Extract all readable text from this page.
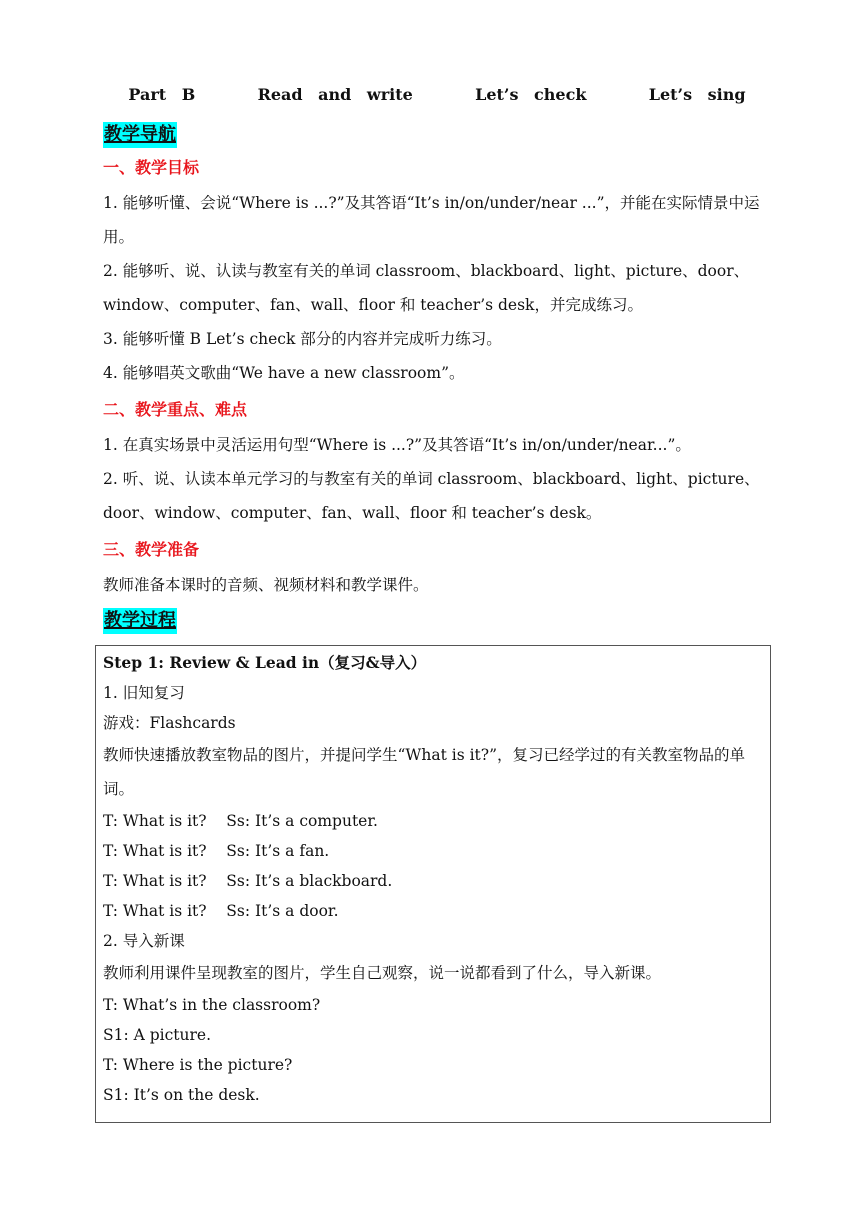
Part B    Read and write    Let’s check    Let’s sing
教学导航
一、教学目标
1. 能够听懂、会说“Where is ...?”及其答语“It’s in/on/under/near ...”，并能在实际情景中运用。
2. 能够听、说、认读与教室有关的单词 classroom、blackboard、light、picture、door、window、computer、fan、wall、floor 和 teacher’s desk，并完成练习。
3. 能够听懂 B Let’s check 部分的内容并完成听力练习。
4. 能够唱英文歌曲“We have a new classroom”。
二、教学重点、难点
1. 在真实场景中灵活运用句型“Where is ...?”及其答语“It’s in/on/under/near...”。
2. 听、说、认读本单元学习的与教室有关的单词 classroom、blackboard、light、picture、door、window、computer、fan、wall、floor 和 teacher’s desk。
三、教学准备
教师准备本课时的音频、视频材料和教学课件。
教学过程
Step 1: Review & Lead in（复习&导入）
1. 旧知复习
游戏：Flashcards
教师快速播放教室物品的图片，并提问学生“What is it?”，复习已经学过的有关教室物品的单词。
T: What is it?    Ss: It’s a computer.
T: What is it?    Ss: It’s a fan.
T: What is it?    Ss: It’s a blackboard.
T: What is it?    Ss: It’s a door.
2. 导入新课
教师利用课件呈现教室的图片，学生自己观察，说一说都看到了什么，导入新课。
T: What’s in the classroom?
S1: A picture.
T: Where is the picture?
S1: It’s on the desk.
